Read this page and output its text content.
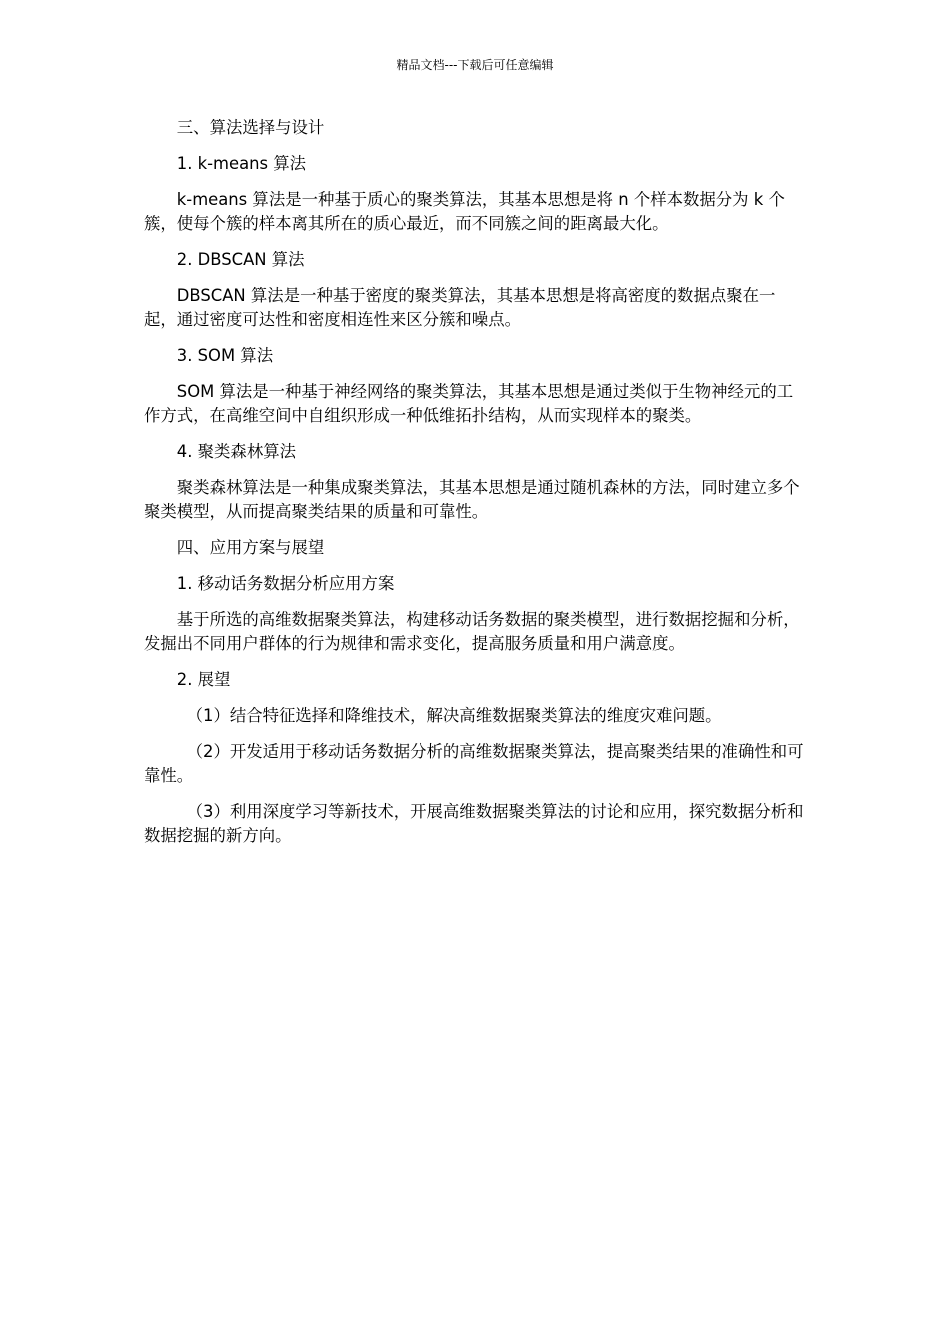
精品文档---下载后可任意编辑

三、算法选择与设计

1. k-means 算法

k-means 算法是一种基于质心的聚类算法，其基本思想是将 n 个样本数据分为 k 个簇，使每个簇的样本离其所在的质心最近，而不同簇之间的距离最大化。

2. DBSCAN 算法

DBSCAN 算法是一种基于密度的聚类算法，其基本思想是将高密度的数据点聚在一起，通过密度可达性和密度相连性来区分簇和噪点。

3. SOM 算法

SOM 算法是一种基于神经网络的聚类算法，其基本思想是通过类似于生物神经元的工作方式，在高维空间中自组织形成一种低维拓扑结构，从而实现样本的聚类。

4. 聚类森林算法

聚类森林算法是一种集成聚类算法，其基本思想是通过随机森林的方法，同时建立多个聚类模型，从而提高聚类结果的质量和可靠性。

四、应用方案与展望

1. 移动话务数据分析应用方案

基于所选的高维数据聚类算法，构建移动话务数据的聚类模型，进行数据挖掘和分析，发掘出不同用户群体的行为规律和需求变化，提高服务质量和用户满意度。

2. 展望

（1）结合特征选择和降维技术，解决高维数据聚类算法的维度灾难问题。

（2）开发适用于移动话务数据分析的高维数据聚类算法，提高聚类结果的准确性和可靠性。

（3）利用深度学习等新技术，开展高维数据聚类算法的讨论和应用，探究数据分析和数据挖掘的新方向。
